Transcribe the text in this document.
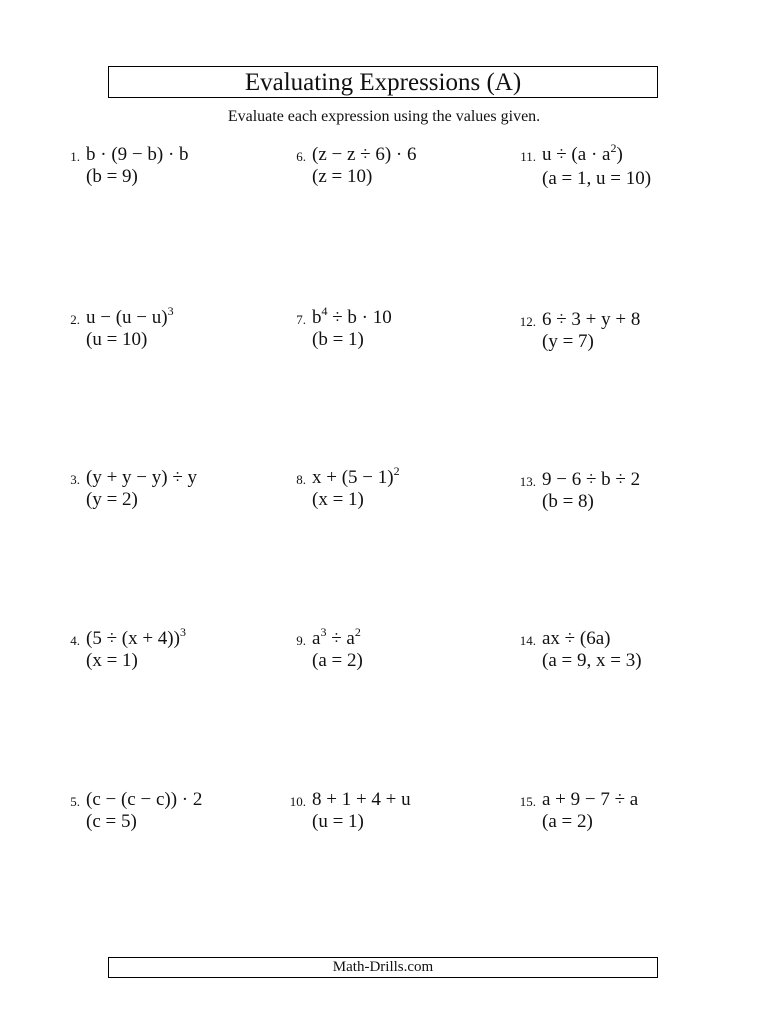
Evaluating Expressions (A)
Evaluate each expression using the values given.
1. b · (9 − b) · b
(b = 9)
2. $u - (u - u)^3$
(u = 10)
3. (y + y − y) ÷ y
(y = 2)
4. $(5 \div (x + 4))^3$
(x = 1)
5. (c − (c − c)) · 2
(c = 5)
6. (z − z ÷ 6) · 6
(z = 10)
7. $b^4 \div b \cdot 10$
(b = 1)
8. $x + (5 - 1)^2$
(x = 1)
9. $a^3 \div a^2$
(a = 2)
10. 8 + 1 + 4 + u
(u = 1)
11. $u \div (a \cdot a^2)$
(a = 1, u = 10)
12. 6 ÷ 3 + y + 8
(y = 7)
13. 9 − 6 ÷ b ÷ 2
(b = 8)
14. ax ÷ (6a)
(a = 9, x = 3)
15. a + 9 − 7 ÷ a
(a = 2)
Math-Drills.com
